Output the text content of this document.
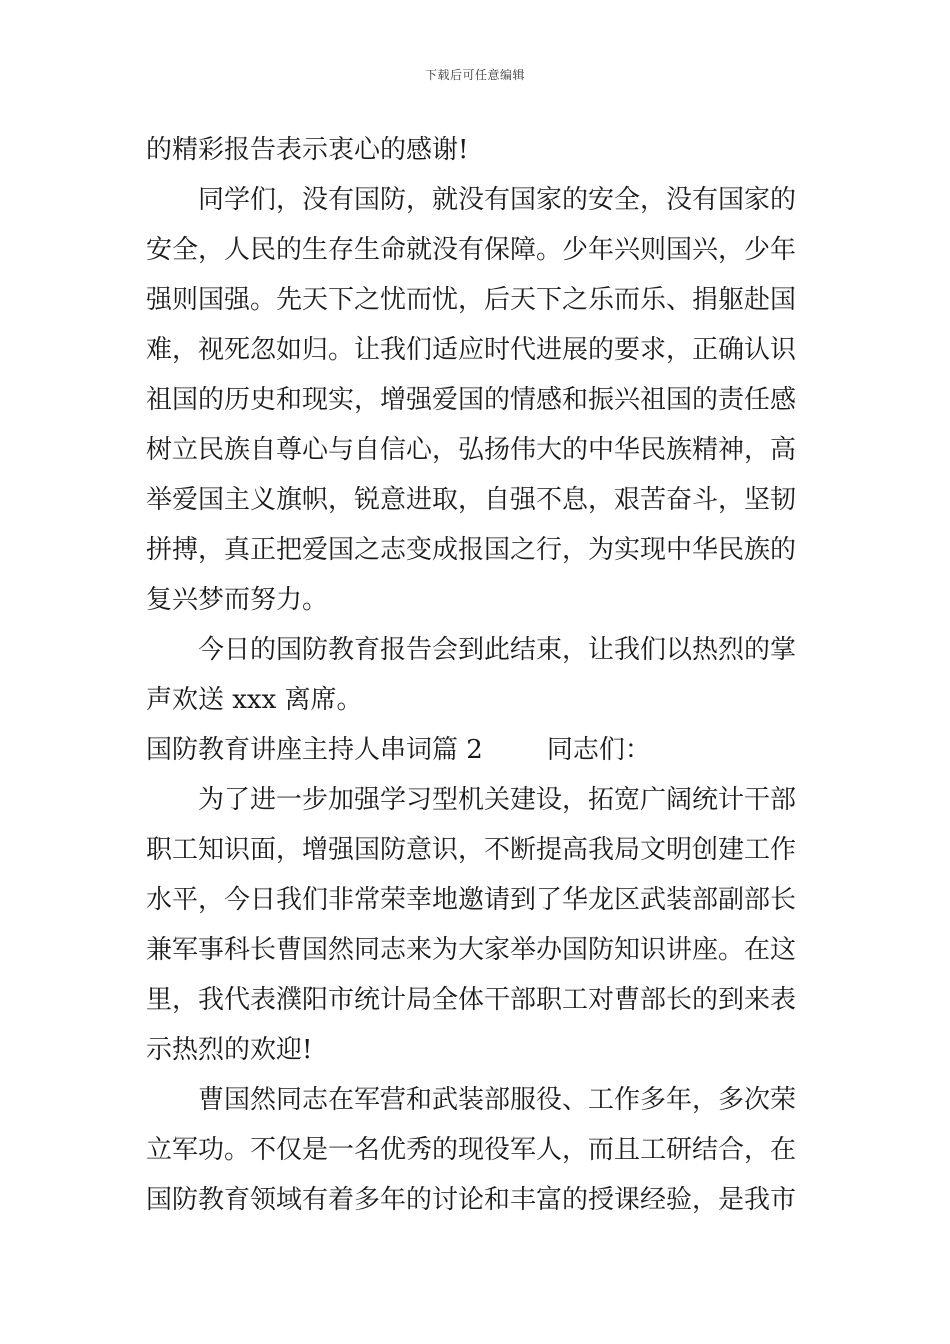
下载后可任意编辑
的精彩报告表示衷心的感谢!
同学们，没有国防，就没有国家的安全，没有国家的
安全，人民的生存生命就没有保障。少年兴则国兴，少年
强则国强。先天下之忧而忧，后天下之乐而乐、捐躯赴国
难，视死忽如归。让我们适应时代进展的要求，正确认识
祖国的历史和现实，增强爱国的情感和振兴祖国的责任感
树立民族自尊心与自信心，弘扬伟大的中华民族精神，高
举爱国主义旗帜，锐意进取，自强不息，艰苦奋斗，坚韧
拼搏，真正把爱国之志变成报国之行，为实现中华民族的
复兴梦而努力。
今日的国防教育报告会到此结束，让我们以热烈的掌
声欢送 xxx 离席。
国防教育讲座主持人串词篇 2 同志们：
为了进一步加强学习型机关建设，拓宽广阔统计干部
职工知识面，增强国防意识，不断提高我局文明创建工作
水平，今日我们非常荣幸地邀请到了华龙区武装部副部长
兼军事科长曹国然同志来为大家举办国防知识讲座。在这
里，我代表濮阳市统计局全体干部职工对曹部长的到来表
示热烈的欢迎!
曹国然同志在军营和武装部服役、工作多年，多次荣
立军功。不仅是一名优秀的现役军人，而且工研结合，在
国防教育领域有着多年的讨论和丰富的授课经验，是我市
